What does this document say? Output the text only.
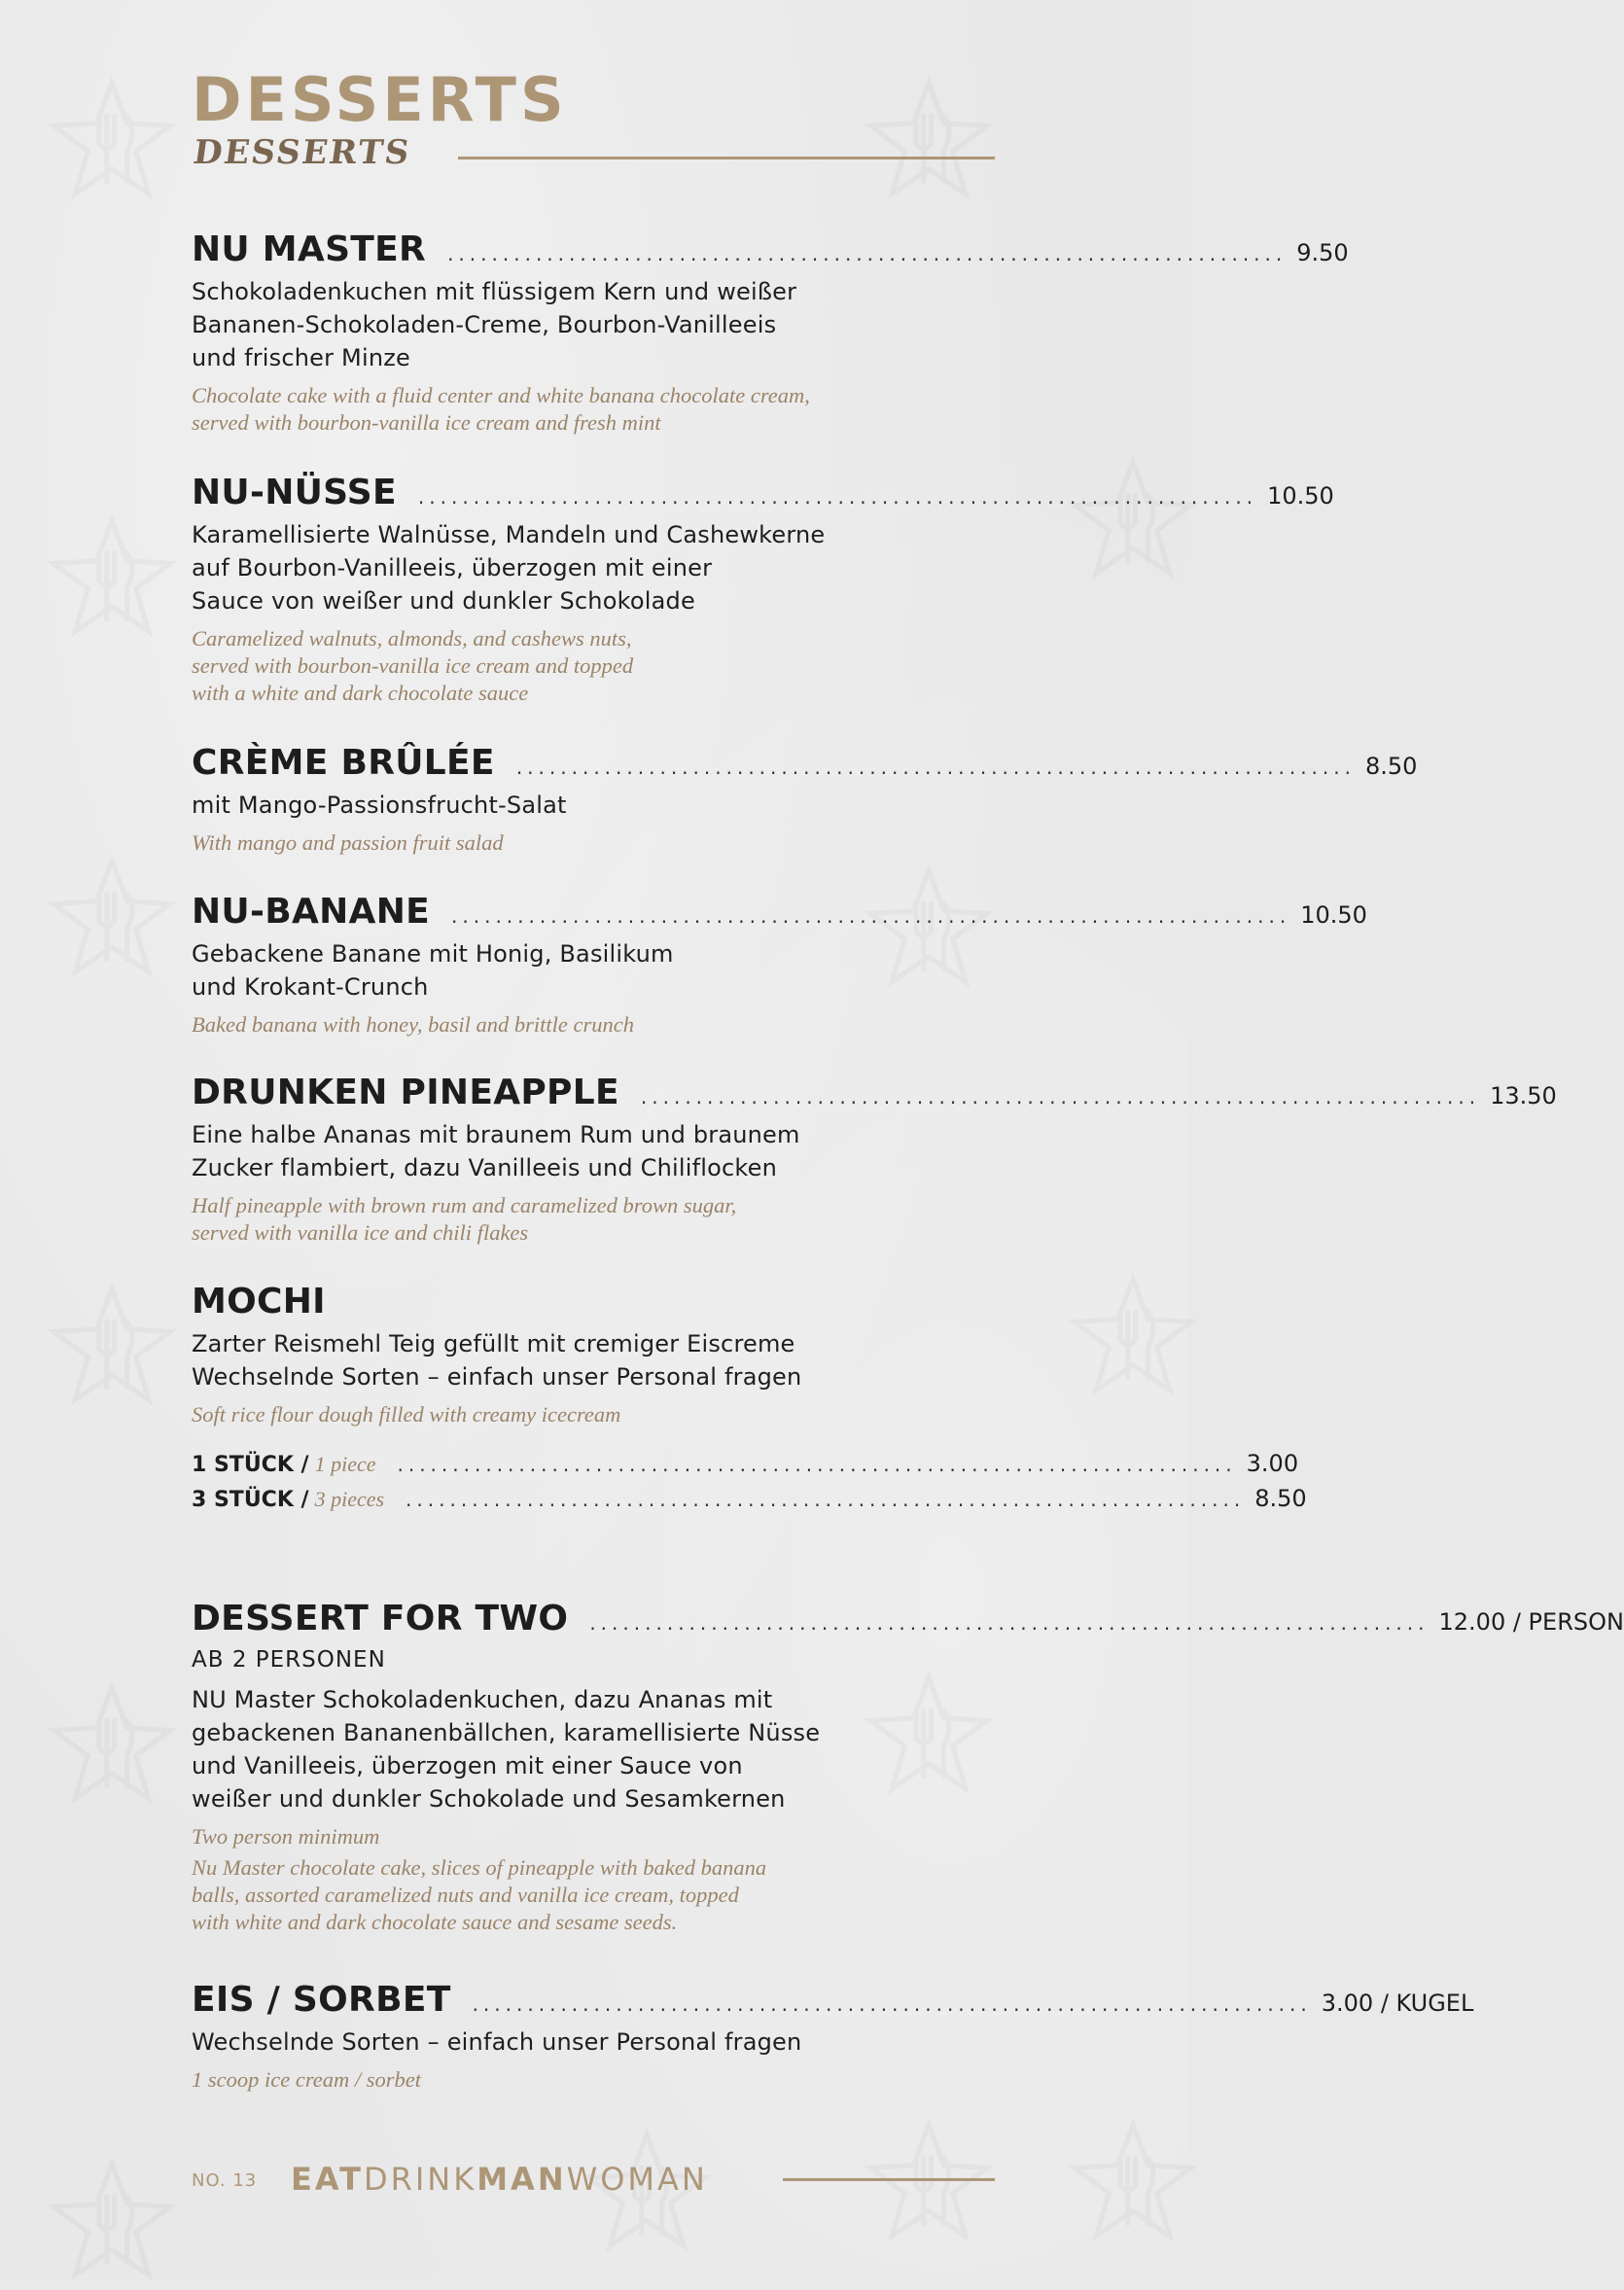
DESSERTS
DESSERTS
NU MASTER ............................................................................ 9.50
Schokoladenkuchen mit flüssigem Kern und weißer
Bananen-Schokoladen-Creme, Bourbon-Vanilleeis
und frischer Minze
Chocolate cake with a fluid center and white banana chocolate cream,
served with bourbon-vanilla ice cream and fresh mint
NU-NÜSSE ............................................................................ 10.50
Karamellisierte Walnüsse, Mandeln und Cashewkerne
auf Bourbon-Vanilleeis, überzogen mit einer
Sauce von weißer und dunkler Schokolade
Caramelized walnuts, almonds, and cashews nuts,
served with bourbon-vanilla ice cream and topped
with a white and dark chocolate sauce
CRÈME BRÛLÉE ............................................................................ 8.50
mit Mango-Passionsfrucht-Salat
With mango and passion fruit salad
NU-BANANE ............................................................................ 10.50
Gebackene Banane mit Honig, Basilikum
und Krokant-Crunch
Baked banana with honey, basil and brittle crunch
DRUNKEN PINEAPPLE ............................................................................ 13.50
Eine halbe Ananas mit braunem Rum und braunem
Zucker flambiert, dazu Vanilleeis und Chiliflocken
Half pineapple with brown rum and caramelized brown sugar,
served with vanilla ice and chili flakes
MOCHI
Zarter Reismehl Teig gefüllt mit cremiger Eiscreme
Wechselnde Sorten – einfach unser Personal fragen
Soft rice flour dough filled with creamy icecream
1 STÜCK / 1 piece ............................................................................ 3.00
3 STÜCK / 3 pieces ............................................................................ 8.50
DESSERT FOR TWO ............................................................................ 12.00 / PERSON
AB 2 PERSONEN
NU Master Schokoladenkuchen, dazu Ananas mit
gebackenen Bananenbällchen, karamellisierte Nüsse
und Vanilleeis, überzogen mit einer Sauce von
weißer und dunkler Schokolade und Sesamkernen
Two person minimum
Nu Master chocolate cake, slices of pineapple with baked banana
balls, assorted caramelized nuts and vanilla ice cream, topped
with white and dark chocolate sauce and sesame seeds.
EIS / SORBET ............................................................................ 3.00 / KUGEL
Wechselnde Sorten – einfach unser Personal fragen
1 scoop ice cream / sorbet
NO. 13 EATDRINKMANWOMAN
